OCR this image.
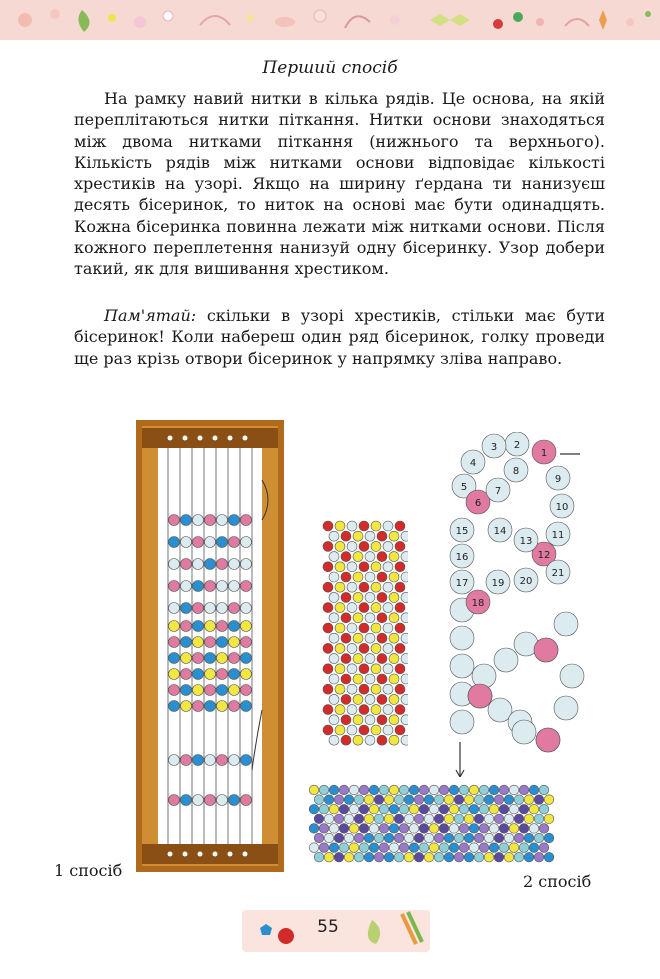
Перший спосіб

На рамку навий нитки в кілька рядів. Це основа, на якій переплітаються нитки піткання. Нитки основи знаходяться між двома нитками піткання (нижнього та верхнього). Кількість рядів між нитками основи відповідає кількості хрестиків на узорі. Якщо на ширину ґердана ти нанизуєш десять бісеринок, то ниток на основі має бути одинадцять. Кожна бісеринка повинна лежати між нитками основи. Після кожного переплетення нанизуй одну бісеринку. Узор добери такий, як для вишивання хрестиком.

Пам'ятай: скільки в узорі хрестиків, стільки має бути бісеринок! Коли набереш один ряд бісеринок, голку проведи ще раз крізь отвори бісеринок у напрямку зліва направо.

1 спосіб
1
2
3
4
5
6
7
8
9
10
11
12
13
14
15
16
17
18
19 20
21
2 спосіб
55
